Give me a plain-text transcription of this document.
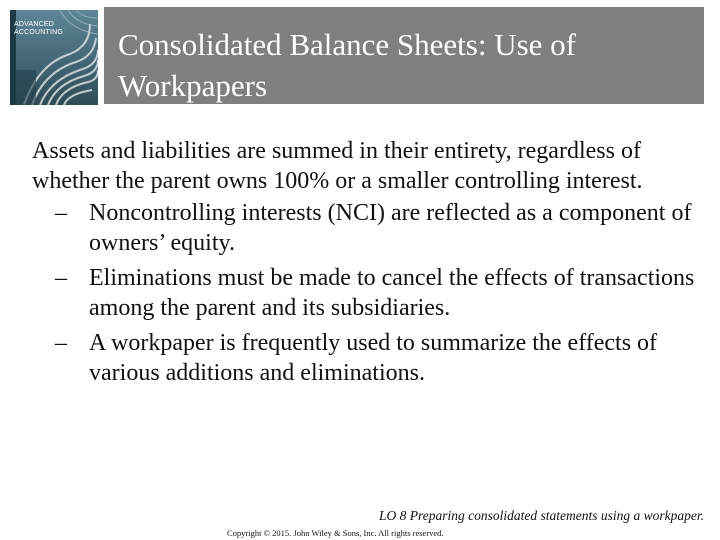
ADVANCED
ACCOUNTING Consolidated Balance Sheets: Use of
Workpapers

Assets and liabilities are summed in their entirety, regardless of whether the parent owns 100% or a smaller controlling interest.

– Noncontrolling interests (NCI) are reflected as a component of owners’ equity.
– Eliminations must be made to cancel the effects of transactions among the parent and its subsidiaries.
– A workpaper is frequently used to summarize the effects of various additions and eliminations.
LO 8 Preparing consolidated statements using a workpaper.
Copyright © 2015. John Wiley & Sons, Inc. All rights reserved.
